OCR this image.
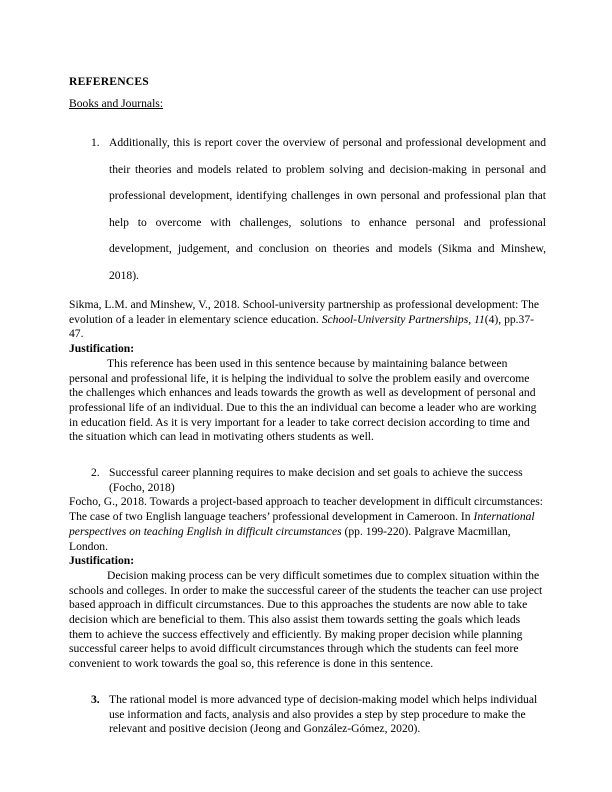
REFERENCES
Books and Journals:
1. Additionally, this is report cover the overview of personal and professional development and their theories and models related to problem solving and decision-making in personal and professional development, identifying challenges in own personal and professional plan that help to overcome with challenges, solutions to enhance personal and professional development, judgement, and conclusion on theories and models (Sikma and Minshew, 2018).
Sikma, L.M. and Minshew, V., 2018. School-university partnership as professional development: The evolution of a leader in elementary science education. School-University Partnerships, 11(4), pp.37-47.
Justification:
This reference has been used in this sentence because by maintaining balance between personal and professional life, it is helping the individual to solve the problem easily and overcome the challenges which enhances and leads towards the growth as well as development of personal and professional life of an individual. Due to this the an individual can become a leader who are working in education field. As it is very important for a leader to take correct decision according to time and the situation which can lead in motivating others students as well.
2. Successful career planning requires to make decision and set goals to achieve the success (Focho, 2018)
Focho, G., 2018. Towards a project-based approach to teacher development in difficult circumstances: The case of two English language teachers’ professional development in Cameroon. In International perspectives on teaching English in difficult circumstances (pp. 199-220). Palgrave Macmillan, London.
Justification:
Decision making process can be very difficult sometimes due to complex situation within the schools and colleges. In order to make the successful career of the students the teacher can use project based approach in difficult circumstances. Due to this approaches the students are now able to take decision which are beneficial to them. This also assist them towards setting the goals which leads them to achieve the success effectively and efficiently. By making proper decision while planning successful career helps to avoid difficult circumstances through which the students can feel more convenient to work towards the goal so, this reference is done in this sentence.
3. The rational model is more advanced type of decision-making model which helps individual use information and facts, analysis and also provides a step by step procedure to make the relevant and positive decision (Jeong and González-Gómez, 2020).
